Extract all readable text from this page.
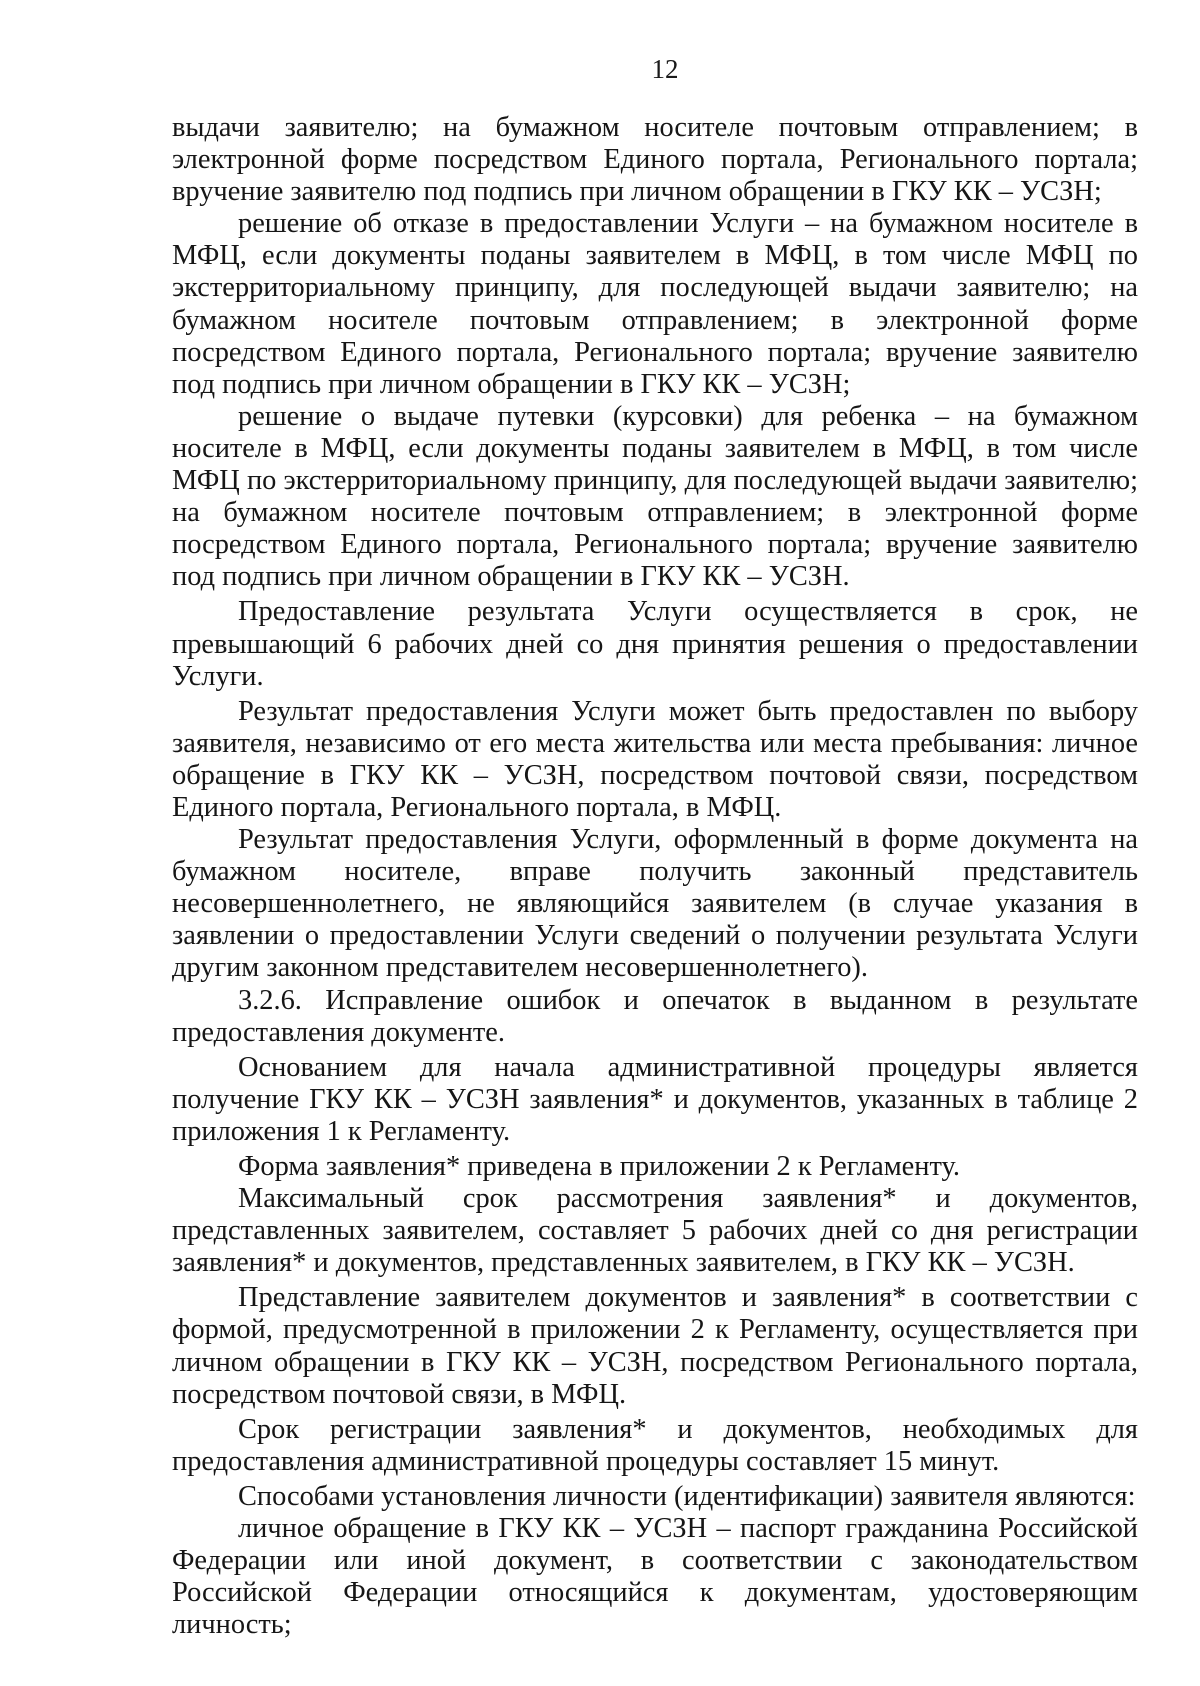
12

выдачи заявителю; на бумажном носителе почтовым отправлением; в электронной форме посредством Единого портала, Регионального портала; вручение заявителю под подпись при личном обращении в ГКУ КК – УСЗН;

решение об отказе в предоставлении Услуги – на бумажном носителе в МФЦ, если документы поданы заявителем в МФЦ, в том числе МФЦ по экстерриториальному принципу, для последующей выдачи заявителю; на бумажном носителе почтовым отправлением; в электронной форме посредством Единого портала, Регионального портала; вручение заявителю под подпись при личном обращении в ГКУ КК – УСЗН;

решение о выдаче путевки (курсовки) для ребенка – на бумажном носителе в МФЦ, если документы поданы заявителем в МФЦ, в том числе МФЦ по экстерриториальному принципу, для последующей выдачи заявителю; на бумажном носителе почтовым отправлением; в электронной форме посредством Единого портала, Регионального портала; вручение заявителю под подпись при личном обращении в ГКУ КК – УСЗН.

Предоставление результата Услуги осуществляется в срок, не превышающий 6 рабочих дней со дня принятия решения о предоставлении Услуги.

Результат предоставления Услуги может быть предоставлен по выбору заявителя, независимо от его места жительства или места пребывания: личное обращение в ГКУ КК – УСЗН, посредством почтовой связи, посредством Единого портала, Регионального портала, в МФЦ.

Результат предоставления Услуги, оформленный в форме документа на бумажном носителе, вправе получить законный представитель несовершеннолетнего, не являющийся заявителем (в случае указания в заявлении о предоставлении Услуги сведений о получении результата Услуги другим законном представителем несовершеннолетнего).

3.2.6. Исправление ошибок и опечаток в выданном в результате предоставления документе.

Основанием для начала административной процедуры является получение ГКУ КК – УСЗН заявления* и документов, указанных в таблице 2 приложения 1 к Регламенту.

Форма заявления* приведена в приложении 2 к Регламенту.

Максимальный срок рассмотрения заявления* и документов, представленных заявителем, составляет 5 рабочих дней со дня регистрации заявления* и документов, представленных заявителем, в ГКУ КК – УСЗН.

Представление заявителем документов и заявления* в соответствии с формой, предусмотренной в приложении 2 к Регламенту, осуществляется при личном обращении в ГКУ КК – УСЗН, посредством Регионального портала, посредством почтовой связи, в МФЦ.

Срок регистрации заявления* и документов, необходимых для предоставления административной процедуры составляет 15 минут.

Способами установления личности (идентификации) заявителя являются:

личное обращение в ГКУ КК – УСЗН – паспорт гражданина Российской Федерации или иной документ, в соответствии с законодательством Российской Федерации относящийся к документам, удостоверяющим личность;
